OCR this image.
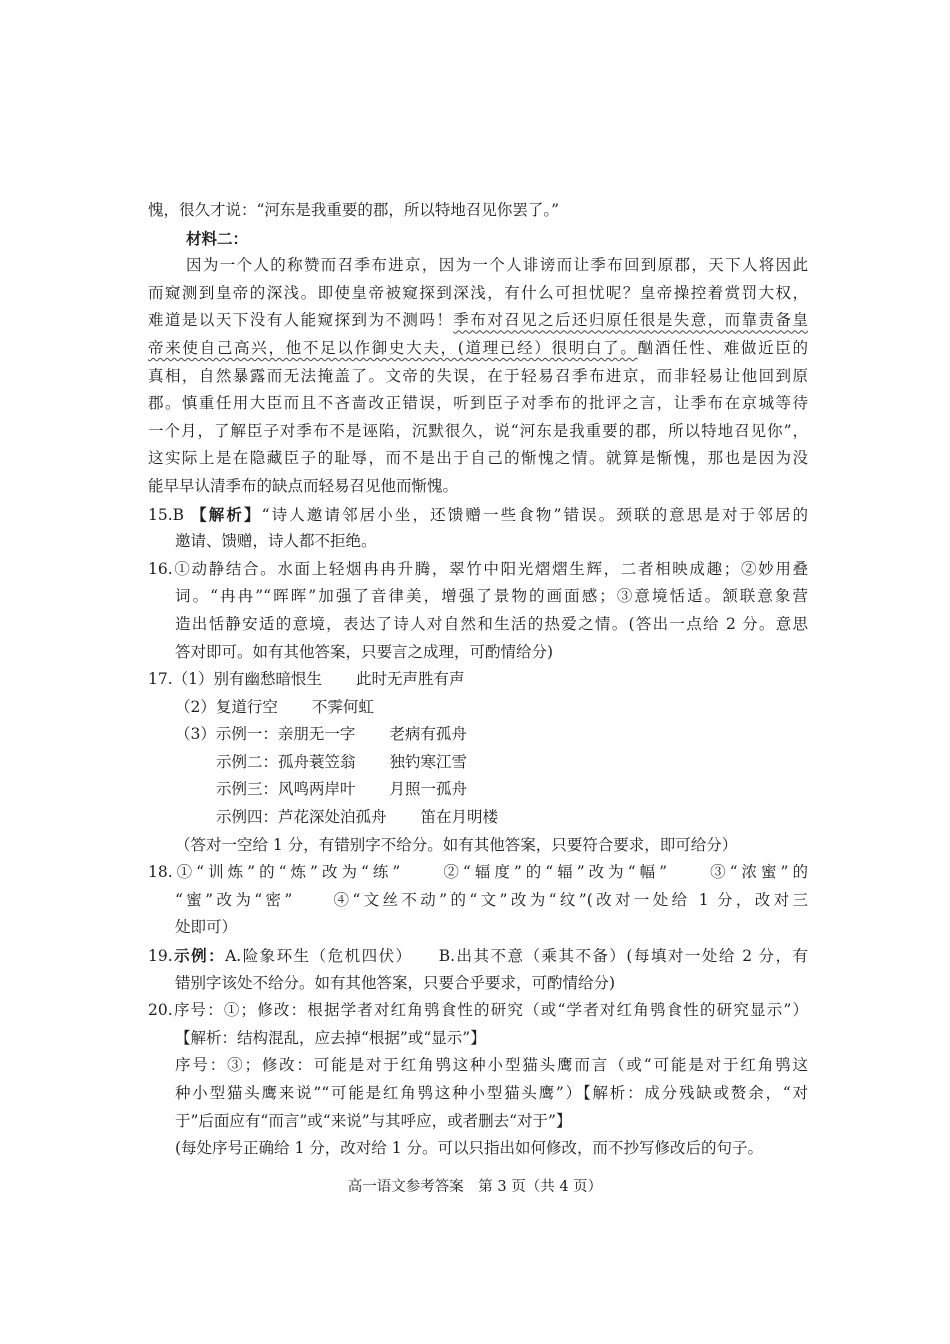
愧，很久才说：“河东是我重要的郡，所以特地召见你罢了。”
材料二：
因为一个人的称赞而召季布进京，因为一个人诽谤而让季布回到原郡，天下人将因此
而窥测到皇帝的深浅。即使皇帝被窥探到深浅，有什么可担忧呢？皇帝操控着赏罚大权，
难道是以天下没有人能窥探到为不测吗！季布对召见之后还归原任很是失意，而靠责备皇
帝来使自己高兴，他不足以作御史大夫，(道理已经）很明白了。酗酒任性、难做近臣的
真相，自然暴露而无法掩盖了。文帝的失误，在于轻易召季布进京，而非轻易让他回到原
郡。慎重任用大臣而且不吝啬改正错误，听到臣子对季布的批评之言，让季布在京城等待
一个月，了解臣子对季布不是诬陷，沉默很久，说“河东是我重要的郡，所以特地召见你”，
这实际上是在隐藏臣子的耻辱，而不是出于自己的惭愧之情。就算是惭愧，那也是因为没
能早早认清季布的缺点而轻易召见他而惭愧。
15.B 【解析】“诗人邀请邻居小坐，还馈赠一些食物”错误。颈联的意思是对于邻居的
邀请、馈赠，诗人都不拒绝。
16.①动静结合。水面上轻烟冉冉升腾，翠竹中阳光熠熠生辉，二者相映成趣；②妙用叠
词。“冉冉”“晖晖”加强了音律美，增强了景物的画面感；③意境恬适。颔联意象营
造出恬静安适的意境，表达了诗人对自然和生活的热爱之情。(答出一点给 2 分。意思
答对即可。如有其他答案，只要言之成理，可酌情给分)
17.（1）别有幽愁暗恨生 此时无声胜有声
（2）复道行空 不霁何虹
（3）示例一：亲朋无一字 老病有孤舟
示例二：孤舟蓑笠翁 独钓寒江雪
示例三：风鸣两岸叶 月照一孤舟
示例四：芦花深处泊孤舟 笛在月明楼
（答对一空给 1 分，有错别字不给分。如有其他答案，只要符合要求，即可给分）
18.①“训炼”的“炼”改为“练”　　②“辐度”的“辐”改为“幅”　　③“浓蜜”的
“蜜”改为“密”　　④“文丝不动”的“文”改为“纹”(改对一处给 1 分，改对三
处即可）
19.示例：A.险象环生（危机四伏）　　B.出其不意（乘其不备）(每填对一处给 2 分，有
错别字该处不给分。如有其他答案，只要合乎要求，可酌情给分)
20.序号：①；修改：根据学者对红角鸮食性的研究（或“学者对红角鸮食性的研究显示”）
【解析：结构混乱，应去掉“根据”或“显示”】
序号：③；修改：可能是对于红角鸮这种小型猫头鹰而言（或“可能是对于红角鸮这
种小型猫头鹰来说”“可能是红角鸮这种小型猫头鹰”）【解析：成分残缺或赘余，“对
于”后面应有“而言”或“来说”与其呼应，或者删去“对于”】
(每处序号正确给 1 分，改对给 1 分。可以只指出如何修改，而不抄写修改后的句子。
高一语文参考答案　第 3 页（共 4 页）
